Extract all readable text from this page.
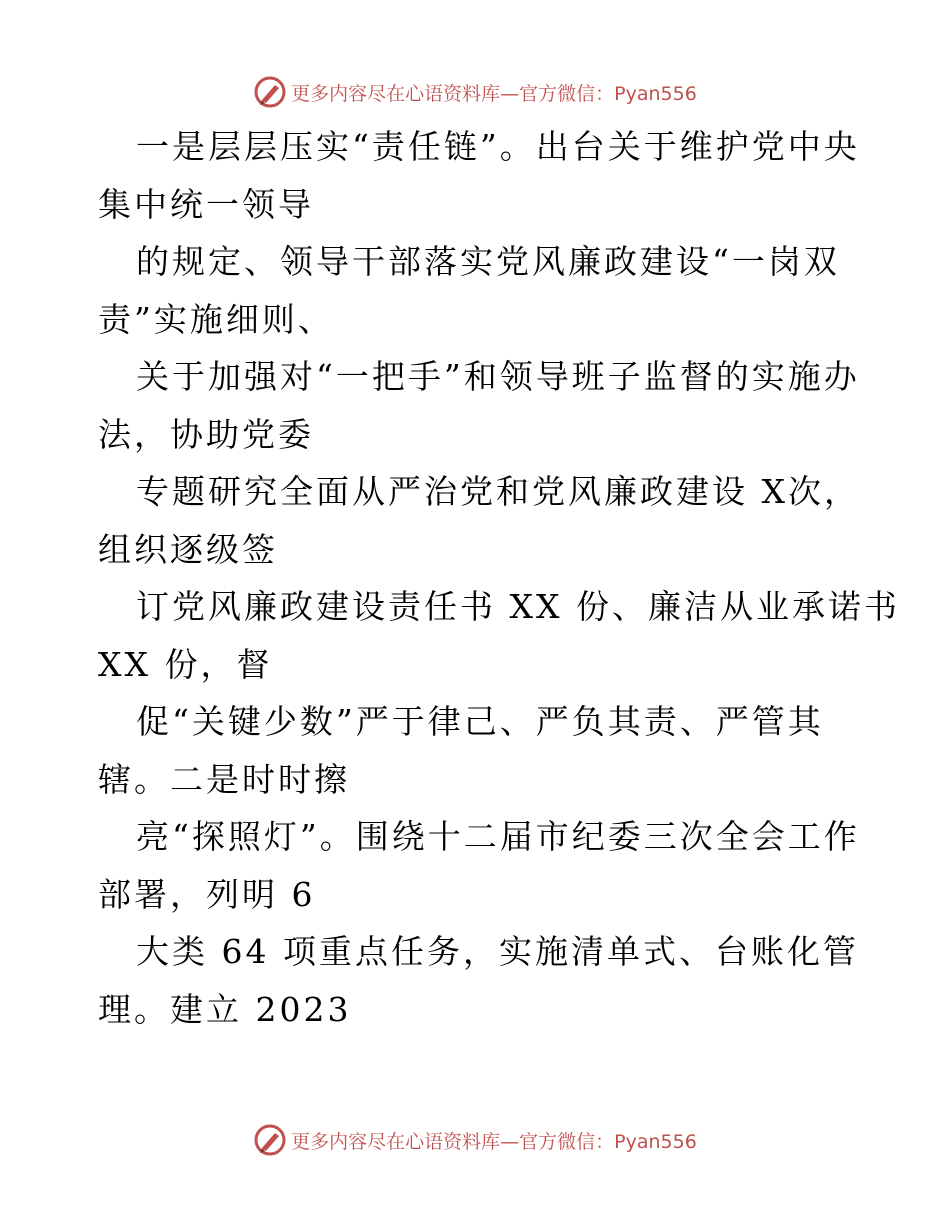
更多内容尽在心语资料库—官方微信：Pyan556
一是层层压实“责任链”。出台关于维护党中央
集中统一领导
的规定、领导干部落实党风廉政建设“一岗双
责”实施细则、
关于加强对“一把手”和领导班子监督的实施办
法，协助党委
专题研究全面从严治党和党风廉政建设 X次，
组织逐级签
订党风廉政建设责任书 XX 份、廉洁从业承诺书
XX 份，督
促“关键少数”严于律己、严负其责、严管其
辖。二是时时擦
亮“探照灯”。围绕十二届市纪委三次全会工作
部署，列明 6
大类 64 项重点任务，实施清单式、台账化管
理。建立 2023
更多内容尽在心语资料库—官方微信：Pyan556
